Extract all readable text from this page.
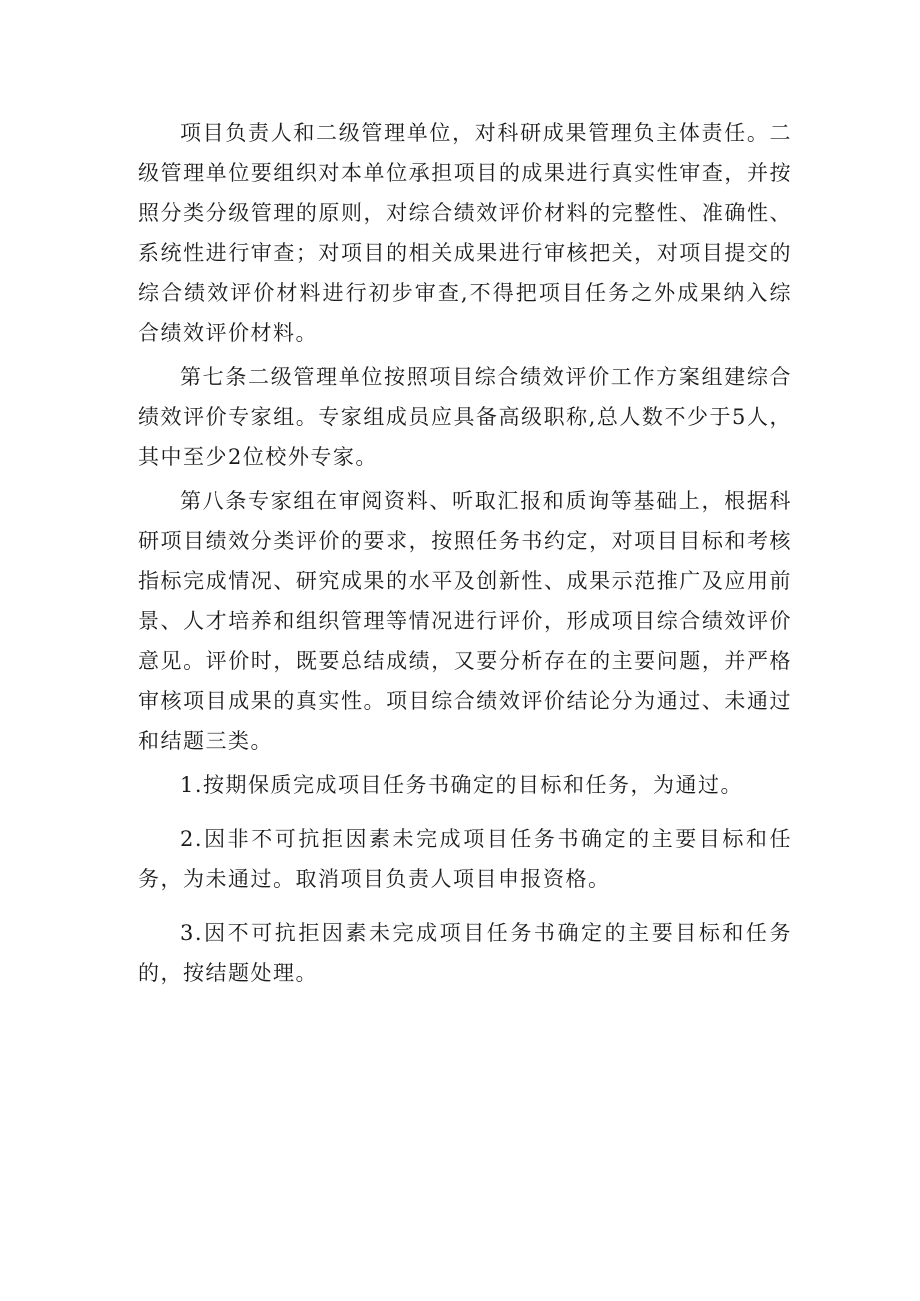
项目负责人和二级管理单位，对科研成果管理负主体责任。二级管理单位要组织对本单位承担项目的成果进行真实性审查，并按照分类分级管理的原则，对综合绩效评价材料的完整性、准确性、系统性进行审查；对项目的相关成果进行审核把关，对项目提交的综合绩效评价材料进行初步审查,不得把项目任务之外成果纳入综合绩效评价材料。

第七条二级管理单位按照项目综合绩效评价工作方案组建综合绩效评价专家组。专家组成员应具备高级职称,总人数不少于5人，其中至少2位校外专家。

第八条专家组在审阅资料、听取汇报和质询等基础上，根据科研项目绩效分类评价的要求，按照任务书约定，对项目目标和考核指标完成情况、研究成果的水平及创新性、成果示范推广及应用前景、人才培养和组织管理等情况进行评价，形成项目综合绩效评价意见。评价时，既要总结成绩，又要分析存在的主要问题，并严格审核项目成果的真实性。项目综合绩效评价结论分为通过、未通过和结题三类。

1.按期保质完成项目任务书确定的目标和任务，为通过。

2.因非不可抗拒因素未完成项目任务书确定的主要目标和任务，为未通过。取消项目负责人项目申报资格。

3.因不可抗拒因素未完成项目任务书确定的主要目标和任务的，按结题处理。
